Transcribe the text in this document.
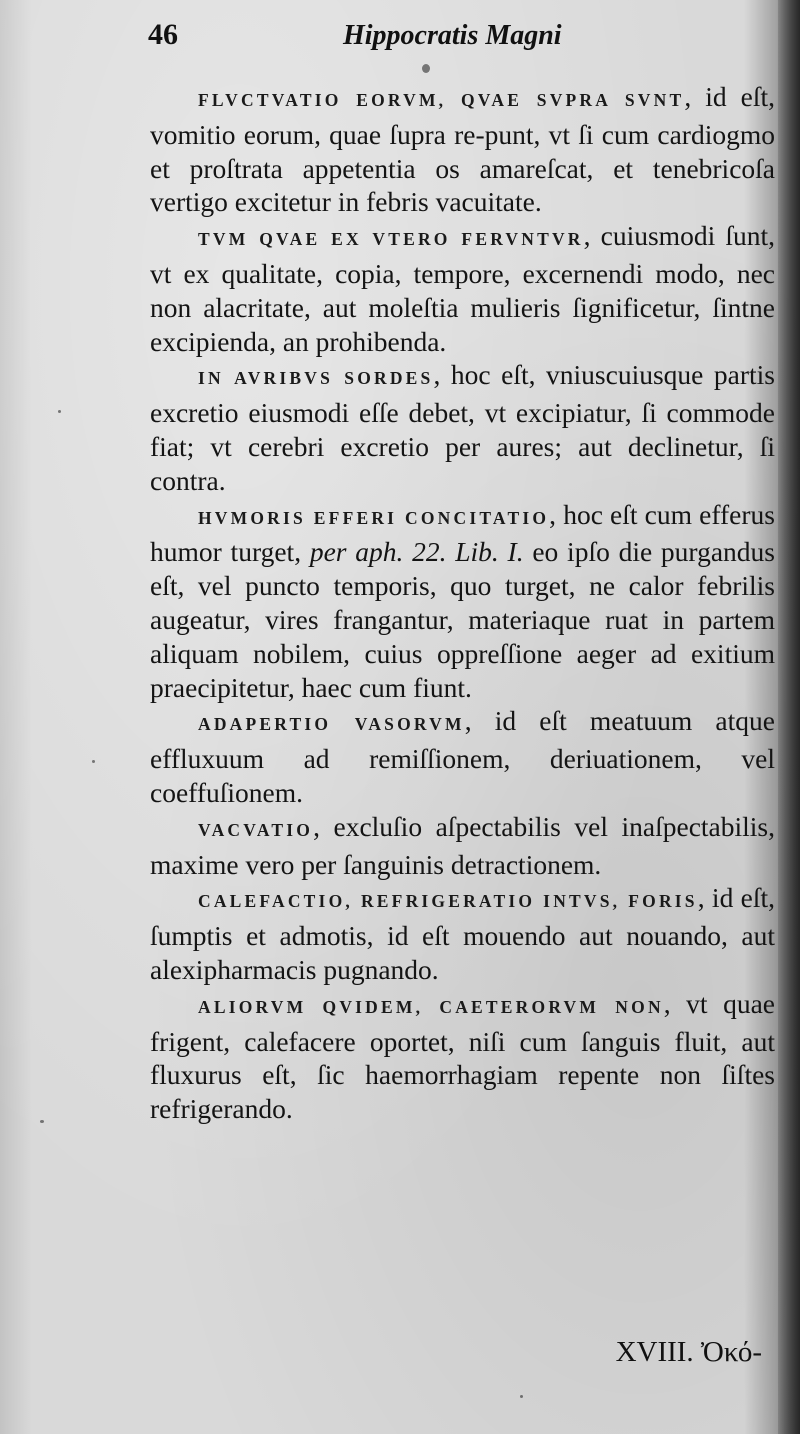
46	Hippocratis Magni

FLVCTVATIO EORVM, QVAE SVPRA SVNT, id eſt, vomitio eorum, quae ſupra re-punt, vt ſi cum cardiogmo et proſtrata appetentia os amareſcat, et tenebricoſa vertigo excitetur in febris vacuitate.

TVM QVAE EX VTERO FERVNTVR, cuiusmodi ſunt, vt ex qualitate, copia, tempore, excernendi modo, nec non alacritate, aut moleſtia mulieris ſignificetur, ſintne excipienda, an prohibenda.

IN AVRIBVS SORDES, hoc eſt, vniuscuiusque partis excretio eiusmodi eſſe debet, vt excipiatur, ſi commode fiat; vt cerebri excretio per aures; aut declinetur, ſi contra.

HVMORIS EFFERI CONCITATIO, hoc eſt cum efferus humor turget, per aph. 22. Lib. I. eo ipſo die purgandus eſt, vel puncto temporis, quo turget, ne calor febrilis augeatur, vires frangantur, materiaque ruat in partem aliquam nobilem, cuius oppreſſione aeger ad exitium praecipitetur, haec cum fiunt.

ADAPERTIO VASORVM, id eſt meatuum atque effluxuum ad remiſſionem, deriuationem, vel coeffuſionem.

VACVATIO, excluſio aſpectabilis vel inaſpectabilis, maxime vero per ſanguinis detractionem.

CALEFACTIO, REFRIGERATIO INTVS, FORIS, id eſt, ſumptis et admotis, id eſt mouendo aut nouando, aut alexipharmacis pugnando.

ALIORVM QVIDEM, CAETERORVM NON, vt quae frigent, calefacere oportet, niſi cum ſanguis fluit, aut fluxurus eſt, ſic haemorrhagiam repente non ſiſtes refrigerando.

XVIII. Ὀκό-
